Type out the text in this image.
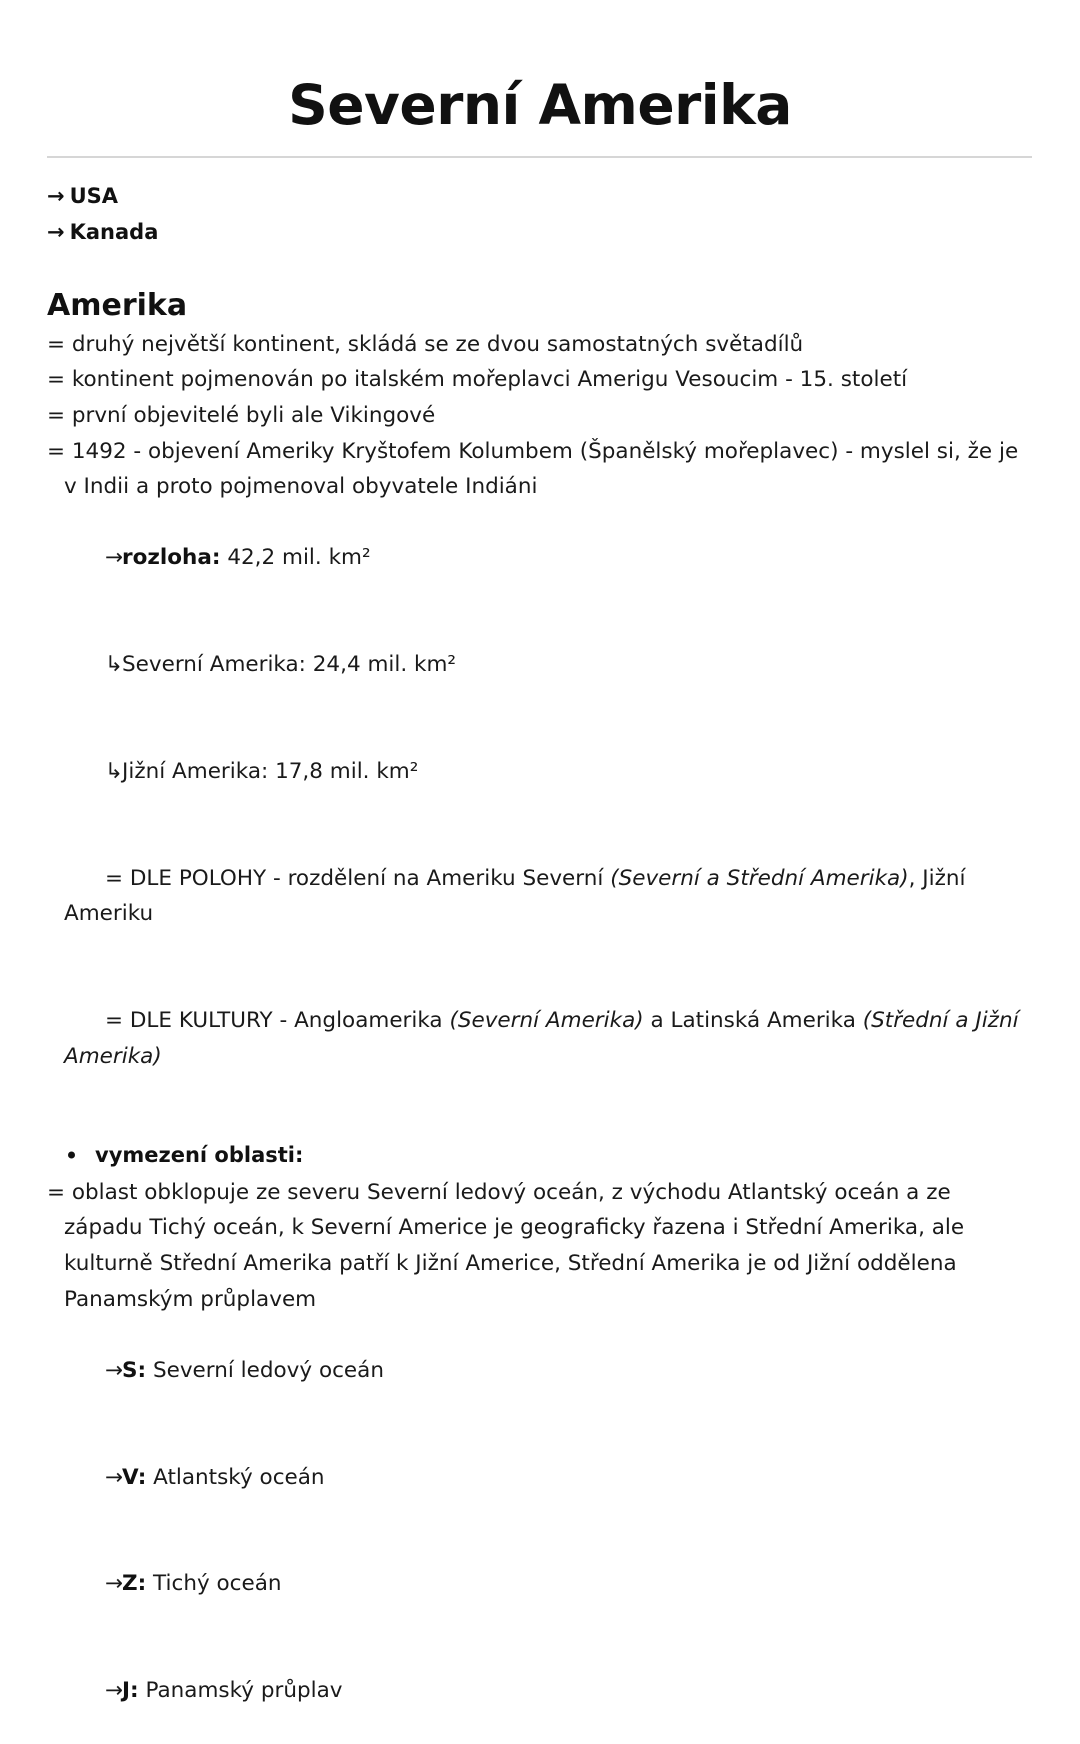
Severní Amerika
→ USA
→ Kanada
Amerika
= druhý největší kontinent, skládá se ze dvou samostatných světadílů
= kontinent pojmenován po italském mořeplavci Amerigu Vesoucim - 15. století
= první objevitelé byli ale Vikingové
= 1492 - objevení Ameriky Kryštofem Kolumbem (Španělský mořeplavec) - myslel si, že je v Indii a proto pojmenoval obyvatele Indiáni

→rozloha: 42,2 mil. km²

↳Severní Amerika: 24,4 mil. km²

↳Jižní Amerika: 17,8 mil. km²

= DLE POLOHY - rozdělení na Ameriku Severní (Severní a Střední Amerika), Jižní Ameriku

= DLE KULTURY - Angloamerika (Severní Amerika) a Latinská Amerika (Střední a Jižní Amerika)

vymezení oblasti:
= oblast obklopuje ze severu Severní ledový oceán, z východu Atlantský oceán a ze západu Tichý oceán, k Severní Americe je geograficky řazena i Střední Amerika, ale kulturně Střední Amerika patří k Jižní Americe, Střední Amerika je od Jižní oddělena Panamským průplavem

→S: Severní ledový oceán

→V: Atlantský oceán

→Z: Tichý oceán

→J: Panamský průplav
